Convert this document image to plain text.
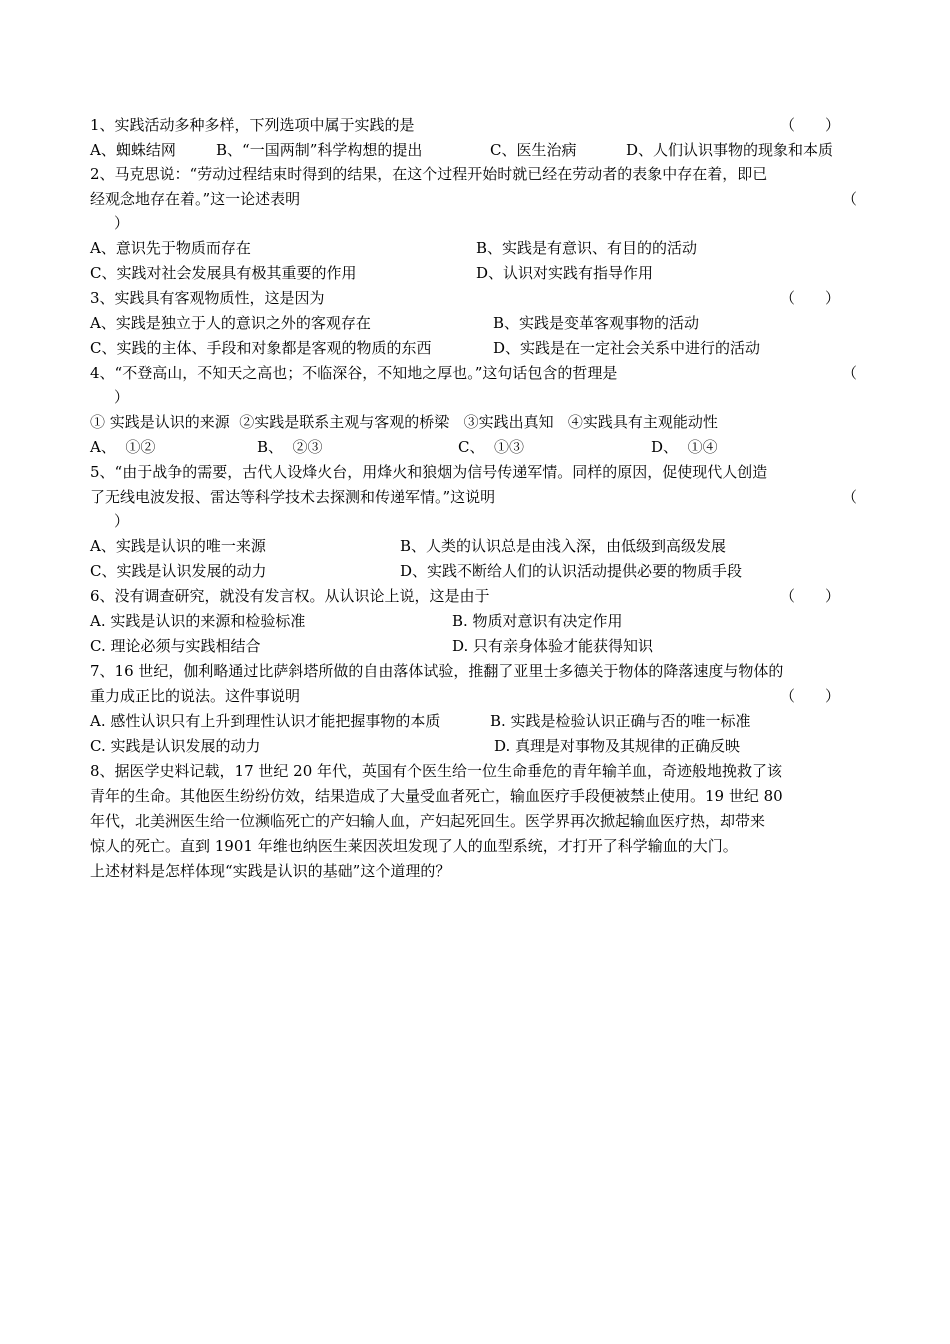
1、实践活动多种多样，下列选项中属于实践的是	（　　）
A、蜘蛛结网	B、“一国两制”科学构想的提出	C、医生治病	D、人们认识事物的现象和本质
2、马克思说：“劳动过程结束时得到的结果，在这个过程开始时就已经在劳动者的表象中存在着，即已
经观念地存在着。”这一论述表明	（
）
A、意识先于物质而存在	B、实践是有意识、有目的的活动
C、实践对社会发展具有极其重要的作用	D、认识对实践有指导作用
3、实践具有客观物质性，这是因为	（　　）
A、实践是独立于人的意识之外的客观存在	B、实践是变革客观事物的活动
C、实践的主体、手段和对象都是客观的物质的东西	D、实践是在一定社会关系中进行的活动
4、“不登高山，不知天之高也；不临深谷，不知地之厚也。”这句话包含的哲理是	（
）
① 实践是认识的来源  ②实践是联系主观与客观的桥梁   ③实践出真知   ④实践具有主观能动性
A、  ①②	B、  ②③	C、  ①③	D、  ①④
5、“由于战争的需要，古代人设烽火台，用烽火和狼烟为信号传递军情。同样的原因，促使现代人创造
了无线电波发报、雷达等科学技术去探测和传递军情。”这说明	（
）
A、实践是认识的唯一来源	B、人类的认识总是由浅入深，由低级到高级发展
C、实践是认识发展的动力	D、实践不断给人们的认识活动提供必要的物质手段
6、没有调查研究，就没有发言权。从认识论上说，这是由于	（　　）
A. 实践是认识的来源和检验标准	B. 物质对意识有决定作用
C. 理论必须与实践相结合	D. 只有亲身体验才能获得知识
7、16 世纪，伽利略通过比萨斜塔所做的自由落体试验，推翻了亚里士多德关于物体的降落速度与物体的
重力成正比的说法。这件事说明	（　　）
A. 感性认识只有上升到理性认识才能把握事物的本质	B. 实践是检验认识正确与否的唯一标准
C. 实践是认识发展的动力	D. 真理是对事物及其规律的正确反映
8、据医学史料记载，17 世纪 20 年代，英国有个医生给一位生命垂危的青年输羊血，奇迹般地挽救了该
青年的生命。其他医生纷纷仿效，结果造成了大量受血者死亡，输血医疗手段便被禁止使用。19 世纪 80
年代，北美洲医生给一位濒临死亡的产妇输人血，产妇起死回生。医学界再次掀起输血医疗热，却带来
惊人的死亡。直到 1901 年维也纳医生莱因茨坦发现了人的血型系统，才打开了科学输血的大门。
上述材料是怎样体现“实践是认识的基础”这个道理的？
